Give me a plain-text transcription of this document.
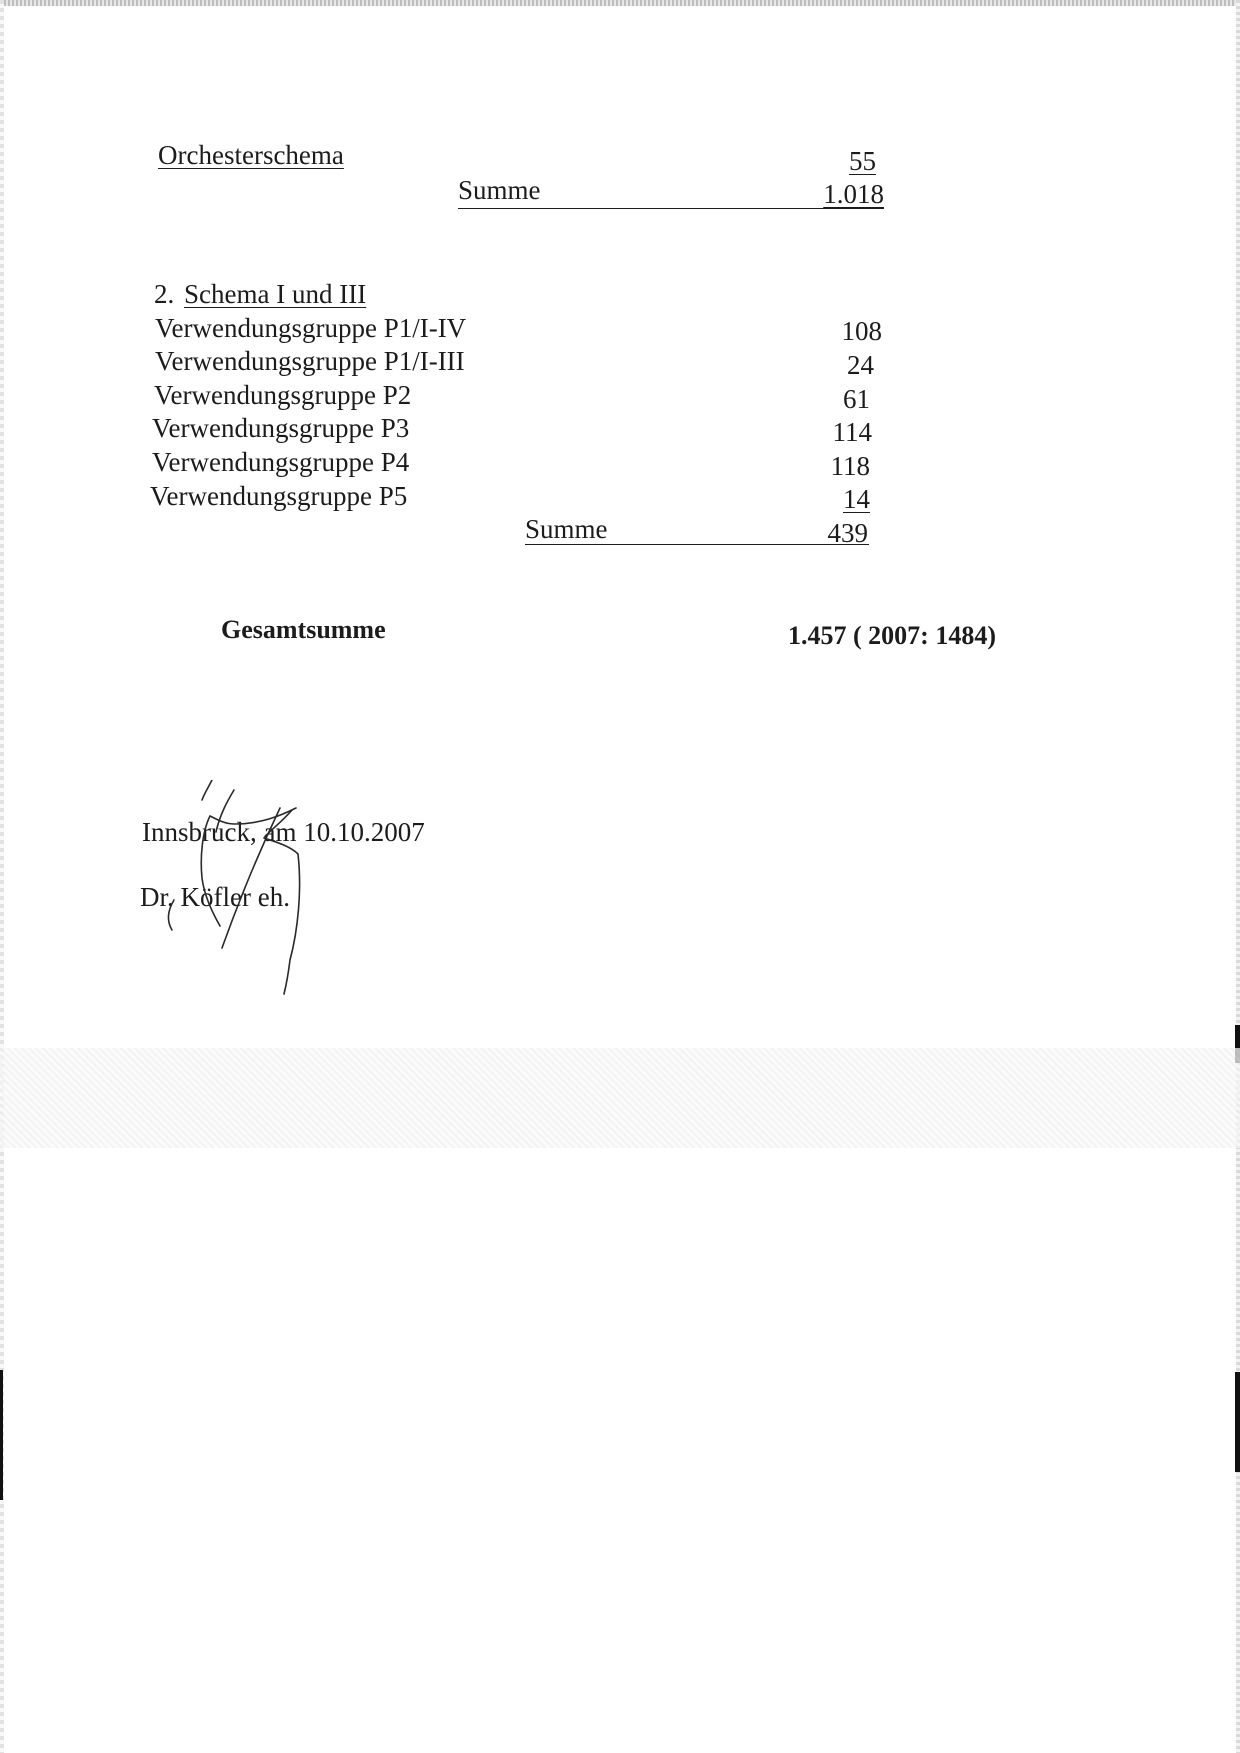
Orchesterschema	55
Summe	1.018
2. Schema I und III
Verwendungsgruppe P1/I-IV	108
Verwendungsgruppe P1/I-III	24
Verwendungsgruppe P2	61
Verwendungsgruppe P3	114
Verwendungsgruppe P4	118
Verwendungsgruppe P5	14
Summe	439
Gesamtsumme	1.457 ( 2007: 1484)
Innsbruck, am 10.10.2007
Dr. Köfler eh.
